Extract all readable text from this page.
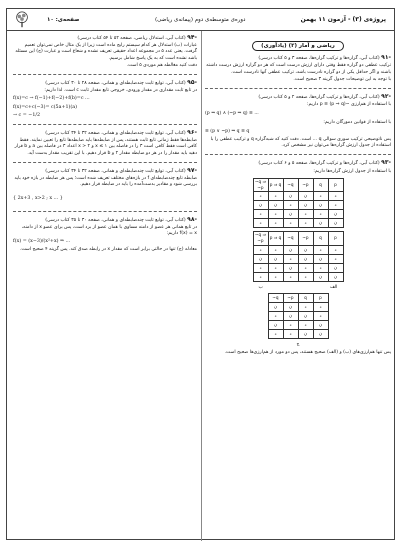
صفحه‌ی: ۱۰	دوره‌ی متوسطه‌ی دوم (پیمانه‌ی ریاضی)	پروژه‌ی (۳) - آزمون ۱۱ بهمن
ریاضی و آمار (۲) (یادآوری)
-۹۱ (کتاب آبی، گزاره‌ها و ترکیب گزاره‌ها، صفحه ۳ و ۵ کتاب درسی)
ترکیب عطفی دو گزاره فقط وقتی دارای ارزش درست است که هر دو گزاره ارزش درست داشته باشند و اگر حداقل یکی از دو گزاره نادرست باشد، ترکیب عطفی آنها نادرست است.
با توجه به این توضیحات جدول گزینه ۳ صحیح است.
-۹۲ (کتاب آبی، گزاره‌ها و ترکیب گزاره‌ها، صفحه ۲ و ۵ کتاب درسی)
با استفاده از هم‌ارزی ~p ≡ (p ⇒ q) داریم:
(p ⇒ q) ∧ (~p ⇒ q) ≡ ...
با استفاده از قوانین دمورگان داریم:
≡ (p ∨ ~p) ⇒ q ≡ q
پس ناتوضیحی ترکیب سوری سوالی q ... است. دقت کنید که شبه‌گزاره q و ترکیب عطفی را با استفاده از جدول ارزش گزاره‌ها می‌توان نیز مشخص کرد.
-۹۳ (کتاب آبی، گزاره‌ها و ترکیب گزاره‌ها، صفحه ۵ و ۶ کتاب درسی)
با استفاده از جدول ارزش گزاره‌ها داریم:
~q ⇒ ~p	p ⇒ q	~q	~p	q	p
د	د	ن	ن	د	د
ن	ن	د	ن	ن	د
د	د	ن	د	د	ن
د	د	د	د	ن	ن
~q ⇒ ~p	p ⇒ q	~q	~p	q	p
د	د	ن	ن	د	د
ن	ن	د	ن	ن	د
د	د	ن	د	د	ن
د	د	د	د	ن	ن
ب	الف
~q	~p	q	p
ن	ن	د	د
د	ن	ن	د
ن	د	د	ن
د	د	ن	ن
ج
پس تنها هم‌ارزی‌های (ب) و (الف) صحیح هستند، پس دو مورد از هم‌ارزی‌ها صحیح است.
-۹۴ (کتاب آبی، استدلال ریاضی، صفحه ۵۲ تا ۵۴ کتاب درسی)
عبارات (ب) استدلال هر کدام سیستم رایج ماده است زیرا از یک مثال خاص نمی‌توان تعمیم گرفت. یعنی عدد ۵ در مجموعه اعداد حقیقی تعریف نشده و شعاع است و عبارت (ج) این مسئله باشد نشده است که به یک پاسخ شامل برسیم.
دقت کنید مغالطه هم موردی ۵ است.
-۹۵ (کتاب آبی، توابع ثابت چندضابطه‌ای و همانی، صفحه ۲۸ تا ۳۰ کتاب درسی)
در تابع ثابت مقداری در مقدار ورودی، خروجی تابع مقدار ثابت c است. لذا داریم:
f(x)=c → f(−1)+f(−2)+f(b)=c ...
f(x)=c+c(−3)= c(5a+1)(a)
→ c = −1/2
-۹۶ (کتاب آبی، توابع ثابت چندضابطه‌ای و همانی، صفحه ۳۲ تا ۳۴ کتاب درسی)
ضابطه‌ها فقط زمانی تابع ثابت هستند، پس از ضابطه‌ها باید ضابطه‌ها تابع را تعیین نمایند. فقط کافی است فقط کافی است ۳ را در فاصله بین x ≤ ۱ و x > ۲ اعداد ۳ در فاصله بین a و b قرار دهید باید مقدار را در هر دو ضابطه مقدار ۲ و b قرار دهیم. با این تقریب مقدار بدست آید.
-۹۷ (کتاب آبی، توابع ثابت چندضابطه‌ای و همانی، صفحه ۳۲ تا ۳۴ کتاب درسی)
ضابطه تابع چندضابطه‌ای f در بازه‌های مختلف تعریف شده است؛ پس هر ضابطه در بازه خود باید بررسی شود و مقادیر بدست‌آمده را باید در ضابطه قرار دهیم.
{ 2x+3 , x>2 ; x ... }
-۹۸ (کتاب آبی، توابع ثابت چندضابطه‌ای و همانی، صفحه ۳۰ تا ۳۵ کتاب درسی)
در تابع همانی هر عضو از دامنه مساوی با همان عضو از برد است، پس برای عضو x از دامنه، f(x) = x داریم:
f(x) = (x−3)/(x²+x) ⇒ ...
معادله (ج) تنها در حالتی برابر است که مقدار x در رابطه صدق کند. پس گزینه ۴ صحیح است.
